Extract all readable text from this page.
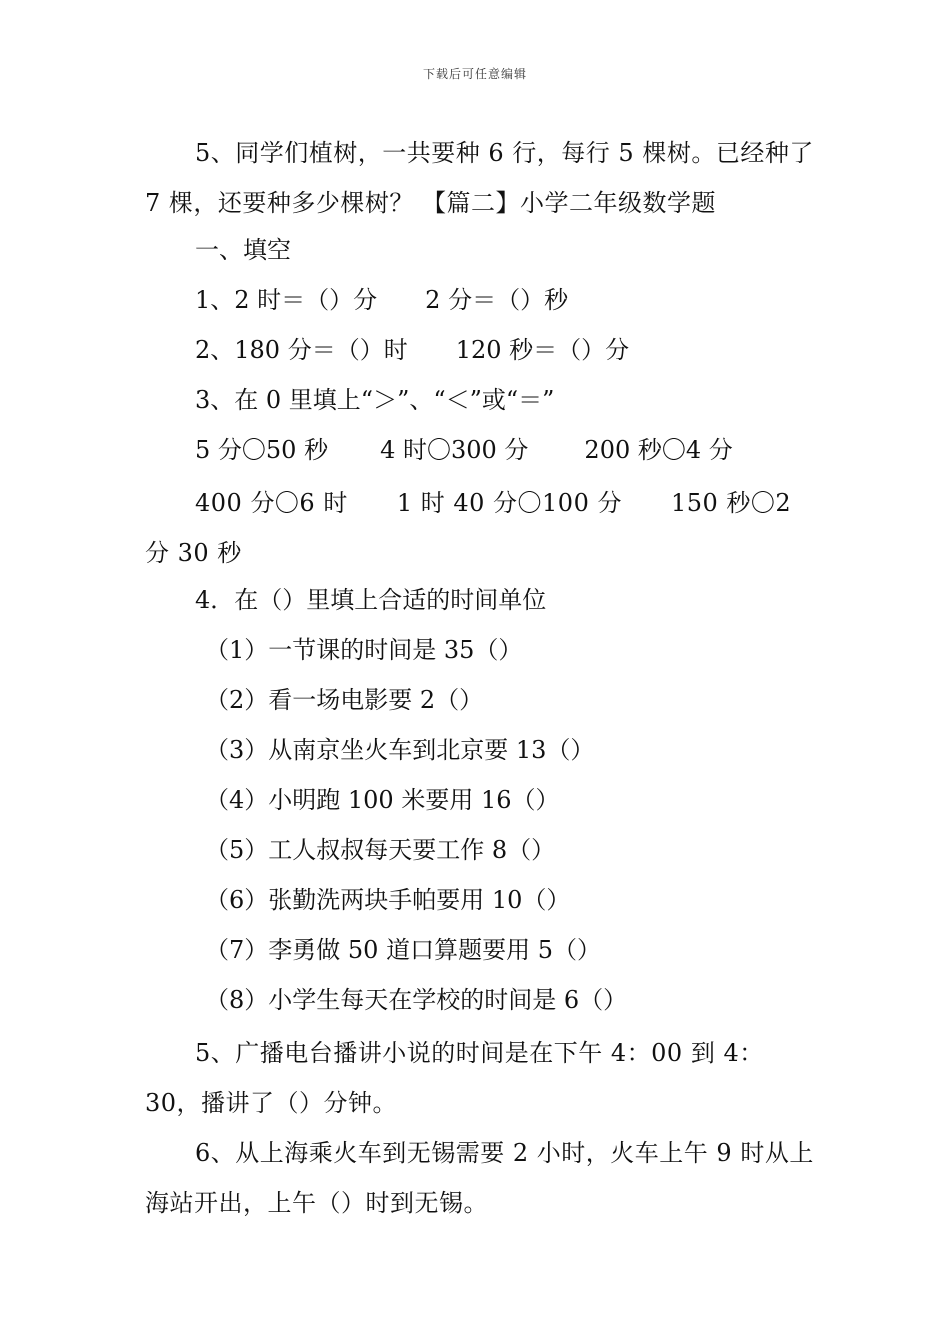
下载后可任意编辑
5、同学们植树，一共要种 6 行，每行 5 棵树。已经种了 7 棵，还要种多少棵树？ 【篇二】小学二年级数学题
一、填空
1、2 时＝（）分 2 分＝（）秒
2、180 分＝（）时 120 秒＝（）分
3、在 0 里填上“＞”、“＜”或“＝”
5 分〇50 秒 4 时〇300 分 200 秒〇4 分
400 分〇6 时　　1 时 40 分〇100 分　　150 秒〇2 分 30 秒
4．在（）里填上合适的时间单位
（1）一节课的时间是 35（）
（2）看一场电影要 2（）
（3）从南京坐火车到北京要 13（）
（4）小明跑 100 米要用 16（）
（5）工人叔叔每天要工作 8（）
（6）张勤洗两块手帕要用 10（）
（7）李勇做 50 道口算题要用 5（）
（8）小学生每天在学校的时间是 6（）
5、广播电台播讲小说的时间是在下午 4：00 到 4：30，播讲了（）分钟。
6、从上海乘火车到无锡需要 2 小时，火车上午 9 时从上海站开出，上午（）时到无锡。
